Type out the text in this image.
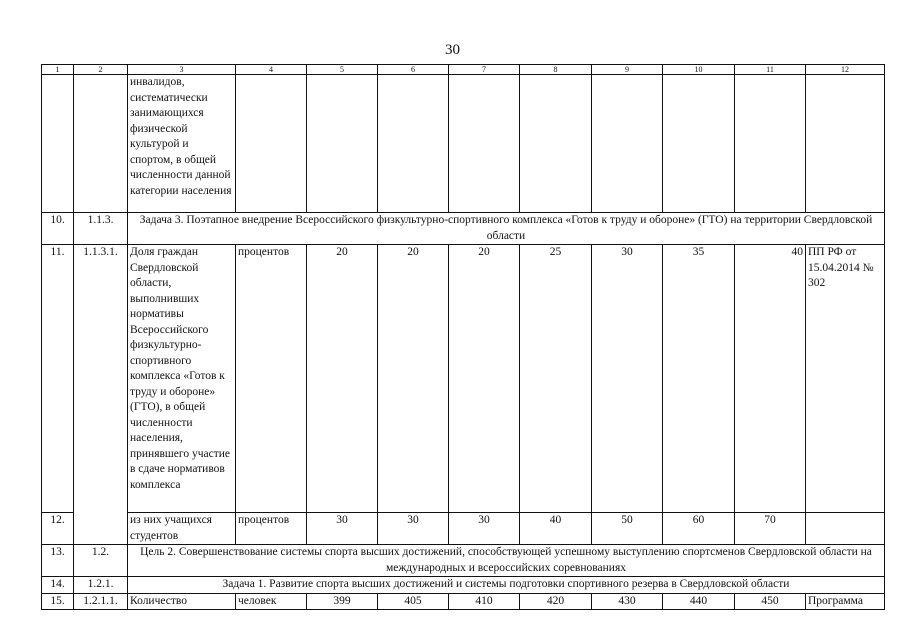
30
1	2	3	4	5	6	7	8	9	10	11	12
		инвалидов, систематически занимающихся физической культурой и спортом, в общей численности данной категории населения									
10.	1.1.3.	Задача 3. Поэтапное внедрение Всероссийского физкультурно-спортивного комплекса «Готов к труду и обороне» (ГТО) на территории Свердловской области									
11.	1.1.3.1.	Доля граждан Свердловской области, выполнивших нормативы Всероссийского физкультурно-спортивного комплекса «Готов к труду и обороне» (ГТО), в общей численности населения, принявшего участие в сдаче нормативов комплекса	процентов	20	20	20	25	30	35	40	ПП РФ от 15.04.2014 № 302
12.		из них учащихся студентов	процентов	30	30	30	40	50	60	70	
13.	1.2.	Цель 2. Совершенствование системы спорта высших достижений, способствующей успешному выступлению спортсменов Свердловской области на международных и всероссийских соревнованиях									
14.	1.2.1.	Задача 1. Развитие спорта высших достижений и системы подготовки спортивного резерва в Свердловской области									
15.	1.2.1.1.	Количество	человек	399	405	410	420	430	440	450	Программа
